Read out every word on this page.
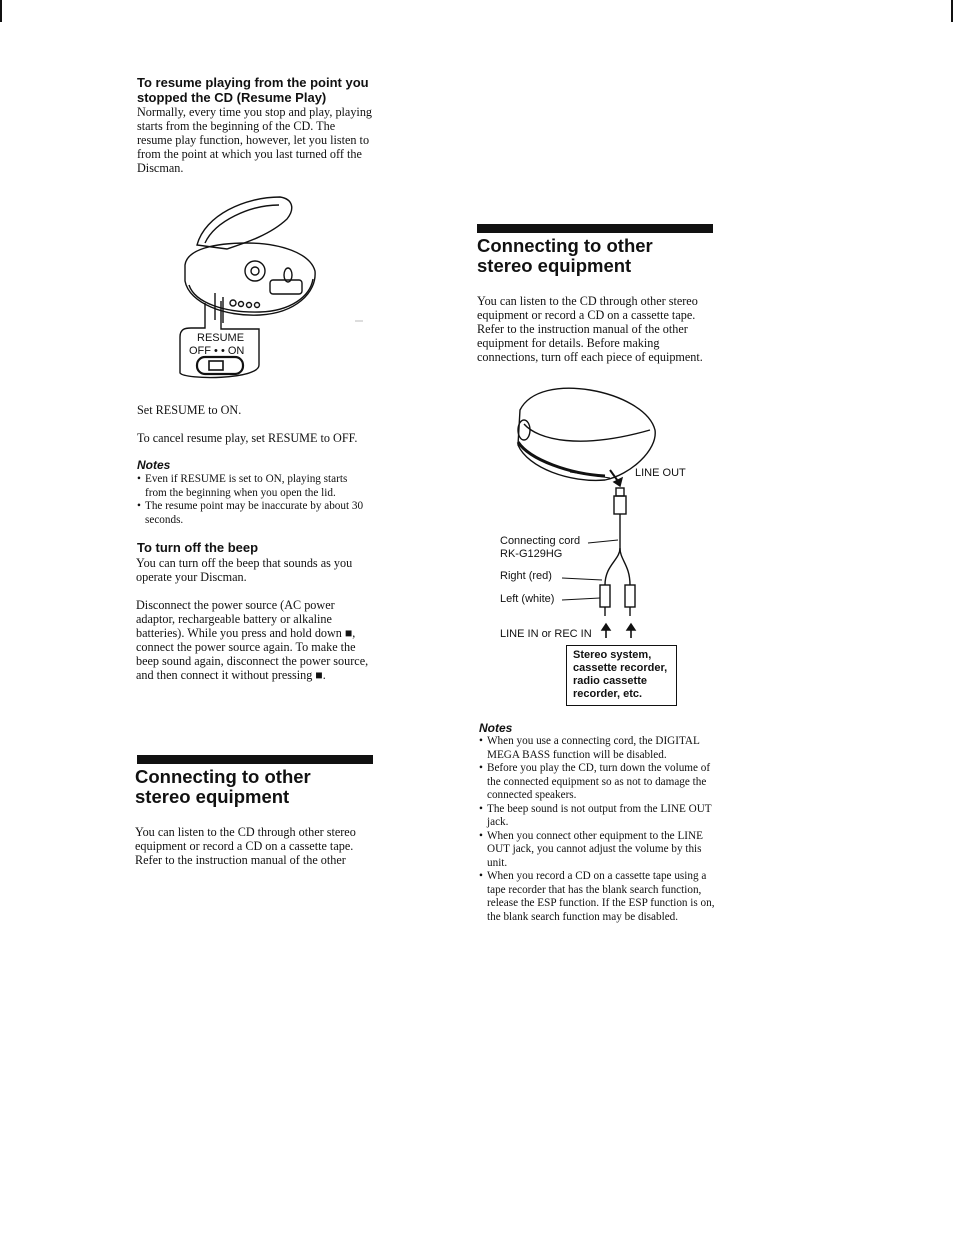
To resume playing from the point you stopped the CD (Resume Play)
Normally, every time you stop and play, playing starts from the beginning of the CD. The resume play function, however, let you listen to from the point at which you last turned off the Discman.
RESUME
OFF • • ON
Set RESUME to ON.
To cancel resume play, set RESUME to OFF.
Notes
• Even if RESUME is set to ON, playing starts from the beginning when you open the lid.
• The resume point may be inaccurate by about 30 seconds.
To turn off the beep
You can turn off the beep that sounds as you operate your Discman.
Disconnect the power source (AC power adaptor, rechargeable battery or alkaline batteries). While you press and hold down ■, connect the power source again. To make the beep sound again, disconnect the power source, and then connect it without pressing ■.
Connecting to other stereo equipment
You can listen to the CD through other stereo equipment or record a CD on a cassette tape. Refer to the instruction manual of the other
Connecting to other stereo equipment
You can listen to the CD through other stereo equipment or record a CD on a cassette tape. Refer to the instruction manual of the other equipment for details. Before making connections, turn off each piece of equipment.
LINE OUT
Connecting cord
RK-G129HG
Right (red)
Left (white)
LINE IN or REC IN
Stereo system, cassette recorder, radio cassette recorder, etc.
Notes
• When you use a connecting cord, the DIGITAL MEGA BASS function will be disabled.
• Before you play the CD, turn down the volume of the connected equipment so as not to damage the connected speakers.
• The beep sound is not output from the LINE OUT jack.
• When you connect other equipment to the LINE OUT jack, you cannot adjust the volume by this unit.
• When you record a CD on a cassette tape using a tape recorder that has the blank search function, release the ESP function. If the ESP function is on, the blank search function may be disabled.
